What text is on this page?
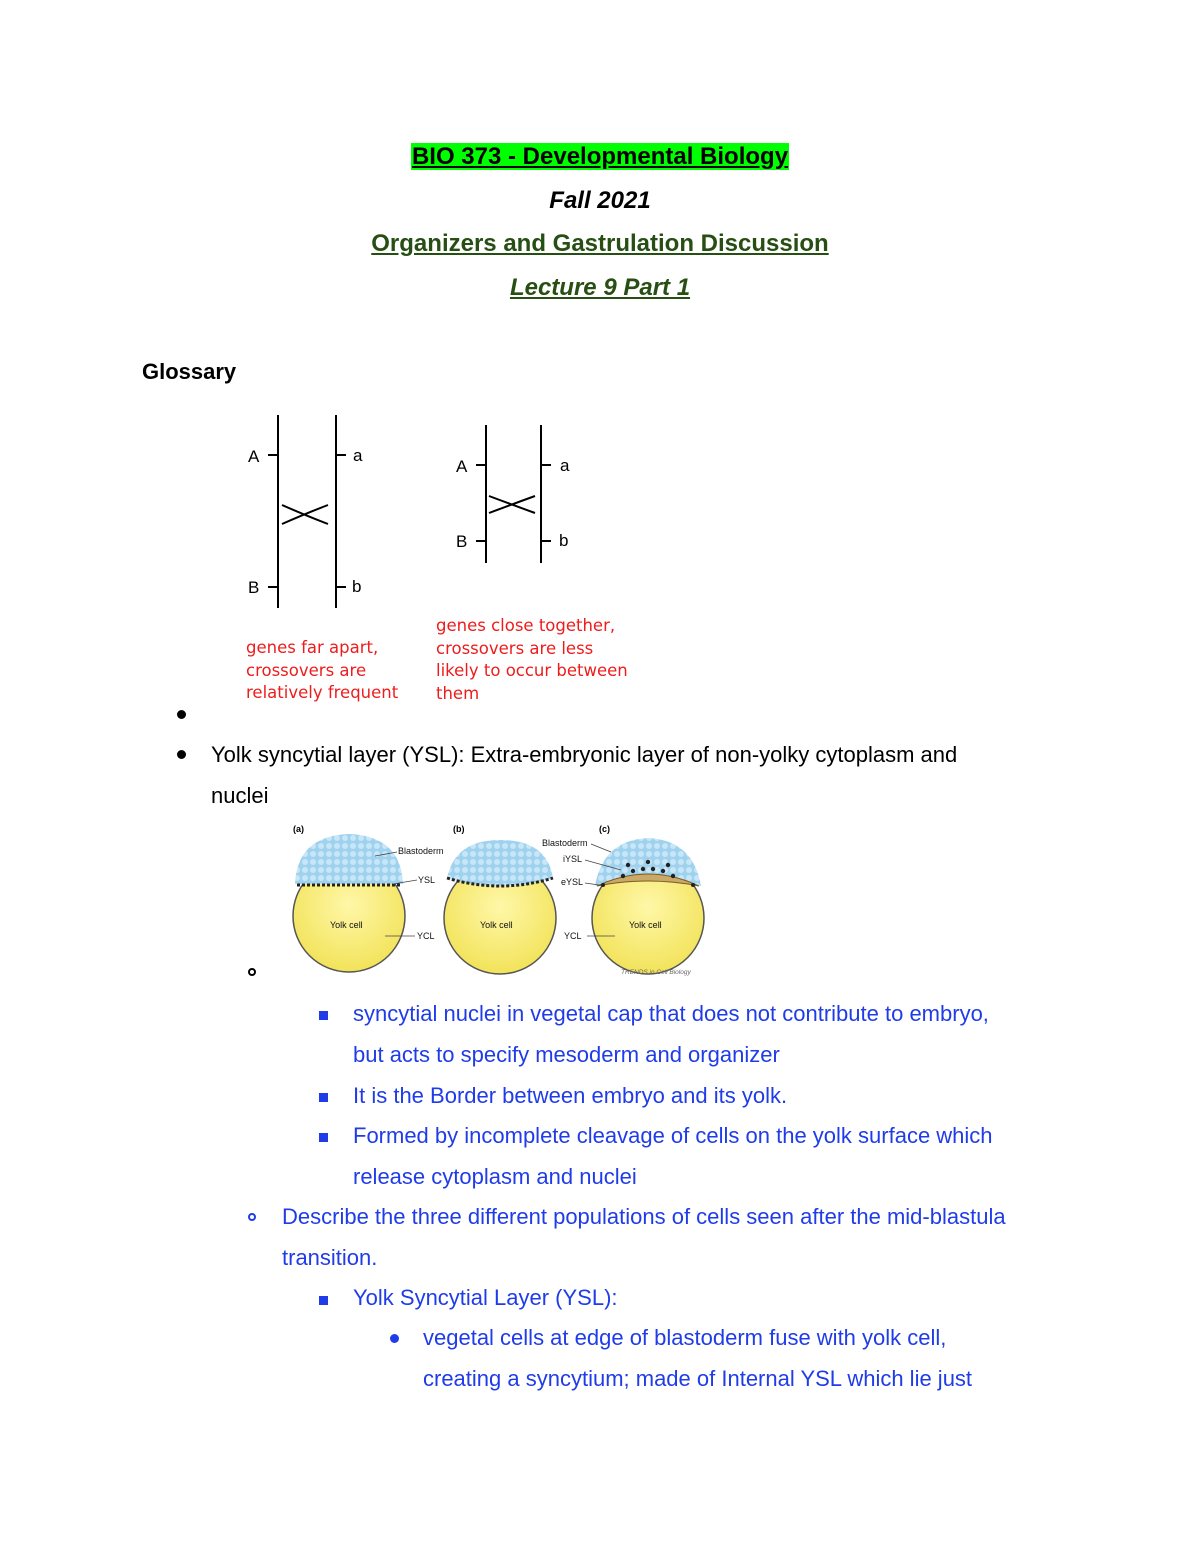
BIO 373 - Developmental Biology
Fall 2021
Organizers and Gastrulation Discussion
Lecture 9 Part 1
Glossary
A	a
B	b
A	a
B	b
genes far apart,
crossovers are
relatively frequent
genes close together,
crossovers are less
likely to occur between
them
Yolk syncytial layer (YSL): Extra-embryonic layer of non-yolky cytoplasm and
nuclei
(a)	(b)	(c)
Blastoderm
YSL
YCL
Blastoderm
iYSL
eYSL
YCL
Yolk cell	Yolk cell	Yolk cell
TRENDS in Cell Biology
syncytial nuclei in vegetal cap that does not contribute to embryo,
but acts to specify mesoderm and organizer
It is the Border between embryo and its yolk.
Formed by incomplete cleavage of cells on the yolk surface which
release cytoplasm and nuclei
Describe the three different populations of cells seen after the mid-blastula
transition.
Yolk Syncytial Layer (YSL):
vegetal cells at edge of blastoderm fuse with yolk cell,
creating a syncytium; made of Internal YSL which lie just
